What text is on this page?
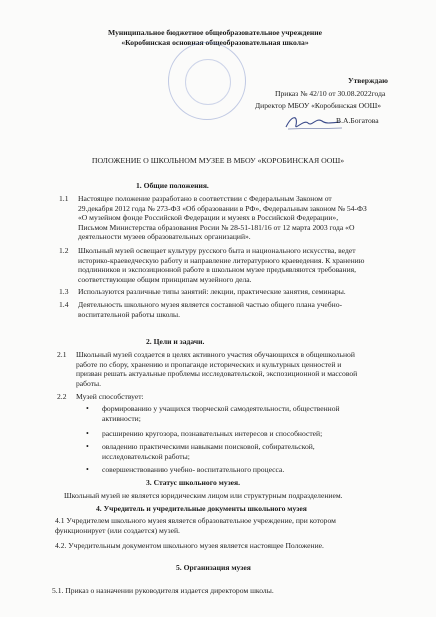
Муниципальное бюджетное общеобразовательное учреждение
«Коробинская основная общеобразовательная школа»
Утверждаю
Приказ № 42/10 от 30.08.2022года
Директор МБОУ «Коробинская ООШ»
В.А.Богатова
ПОЛОЖЕНИЕ О ШКОЛЬНОМ МУЗЕЕ В МБОУ «КОРОБИНСКАЯ ООШ»
1. Общие положения.
1.1 Настоящее положение разработано в соответствии с Федеральным Законом от
29.декабря 2012 года № 273-ФЗ «Об образовании в РФ», Федеральным законом № 54-ФЗ
«О музейном фонде Российской Федерации и музеях в Российской Федерации»,
Письмом Министерства образования Росии № 28-51-181/16 от 12 марта 2003 года «О
деятельности музеев образовательных организаций».
1.2 Школьный музей освещает культуру русского быта и национального искусства, ведет
историко-краеведческую работу и направление литературного краеведения. К хранению
подлинников и экспозиционной работе в школьном музее предъявляются требования,
соответствующие общим принципам музейного дела.
1.3 Используются различные типы занятий: лекции, практические занятия, семинары.
1.4 Деятельность школьного музея является составной частью общего плана учебно-
воспитательной работы школы.
2. Цели и задачи.
2.1 Школьный музей создается в целях активного участия обучающихся в общешкольной
работе по сбору, хранению и пропаганде исторических и культурных ценностей и
призван решать актуальные проблемы исследовательской, экспозиционной и массовой
работы.
2.2 Музей способствует:
• формированию у учащихся творческой самодеятельности, общественной
активности;
• расширению кругозора, познавательных интересов и способностей;
• овладению практическими навыками поисковой, собирательской,
исследовательской работы;
• совершенствованию учебно- воспитательного процесса.
3. Статус школьного музея.
Школьный музей не является юридическим лицом или структурным подразделением.
4. Учредитель и учредительные документы школьного музея
4.1 Учредителем школьного музея является образовательное учреждение, при котором
функционирует (или создается) музей.
4.2. Учредительным документом школьного музея является настоящее Положение.
5. Организация музея
5.1. Приказ о назначении руководителя издается директором школы.
